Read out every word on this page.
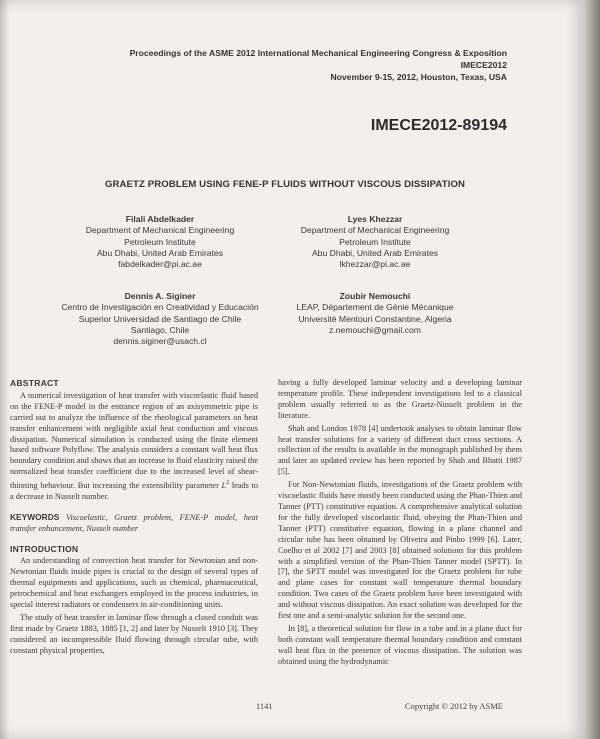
Proceedings of the ASME 2012 International Mechanical Engineering Congress & Exposition
IMECE2012
November 9-15, 2012, Houston, Texas, USA
IMECE2012-89194
GRAETZ PROBLEM USING FENE-P FLUIDS WITHOUT VISCOUS DISSIPATION
Filali Abdelkader
Department of Mechanical Engineering
Petroleum Institute
Abu Dhabi, United Arab Emirates
fabdelkader@pi.ac.ae
Lyes Khezzar
Department of Mechanical Engineering
Petroleum Institute
Abu Dhabi, United Arab Emirates
lkhezzar@pi.ac.ae
Dennis A. Siginer
Centro de Investigación en Creatividad y Educación
Superior Universidad de Santiago de Chile
Santiago, Chile
dennis.siginer@usach.cl
Zoubir Nemouchi
LEAP, Département de Génie Mécanique
Université Mentouri Constantine, Algeria
z.nemouchi@gmail.com
ABSTRACT

A numerical investigation of heat transfer with viscoelastic fluid based on the FENE-P model in the entrance region of an axisymmetric pipe is carried out to analyze the influence of the rheological parameters on heat transfer enhancement with negligible axial heat conduction and viscous dissipation. Numerical simulation is conducted using the finite element based software Polyflow. The analysis considers a constant wall heat flux boundary condition and shows that an increase in fluid elasticity raised the normalized heat transfer coefficient due to the increased level of shear-thinning behaviour. But increasing the extensibility parameter $L^2$ leads to a decrease in Nusselt number.

KEYWORDS Viscoelastic, Graetz problem, FENE-P model, heat transfer enhancement, Nusselt number

INTRODUCTION

An understanding of convection heat transfer for Newtonian and non-Newtonian fluids inside pipes is crucial to the design of several types of thermal equipments and applications, such as chemical, pharmaceutical, petrochemical and heat exchangers employed in the process industries, in special interest radiators or condensers in air-conditioning units.

The study of heat transfer in laminar flow through a closed conduit was first made by Graetz 1883, 1885 [1, 2] and later by Nusselt 1910 [3]. They considered an incompressible fluid flowing through circular tube, with constant physical properties,

having a fully developed laminar velocity and a developing laminar temperature profile. These independent investigations led to a classical problem usually referred to as the Graetz-Nusselt problem in the literature.

Shah and London 1978 [4] undertook analyses to obtain laminar flow heat transfer solutions for a variety of different duct cross sections. A collection of the results is available in the monograph published by them and later an updated review has been reported by Shah and Bhatti 1987 [5].

For Non-Newtonian fluids, investigations of the Graetz problem with viscoelastic fluids have mostly been conducted using the Phan-Thien and Tanner (PTT) constitutive equation. A comprehensive analytical solution for the fully developed viscoelastic fluid, obeying the Phan-Thien and Tanner (PTT) constitutive equation, flowing in a plane channel and circular tube has been obtained by Oliveira and Pinho 1999 [6]. Later, Coelho et al 2002 [7] and 2003 [8] obtained solutions for this problem with a simplified version of the Phan-Thien Tanner model (SPTT). In [7], the SPTT model was investigated for the Graetz problem for tube and plane cases for constant wall temperature thermal boundary condition. Two cases of the Graetz problem have been investigated with and without viscous dissipation. An exact solution was developed for the first one and a semi-analytic solution for the second one.

In [8], a theoretical solution for flow in a tube and in a plane duct for both constant wall temperature thermal boundary condition and constant wall heat flux in the presence of viscous dissipation. The solution was obtained using the hydrodynamic

1141	Copyright © 2012 by ASME
